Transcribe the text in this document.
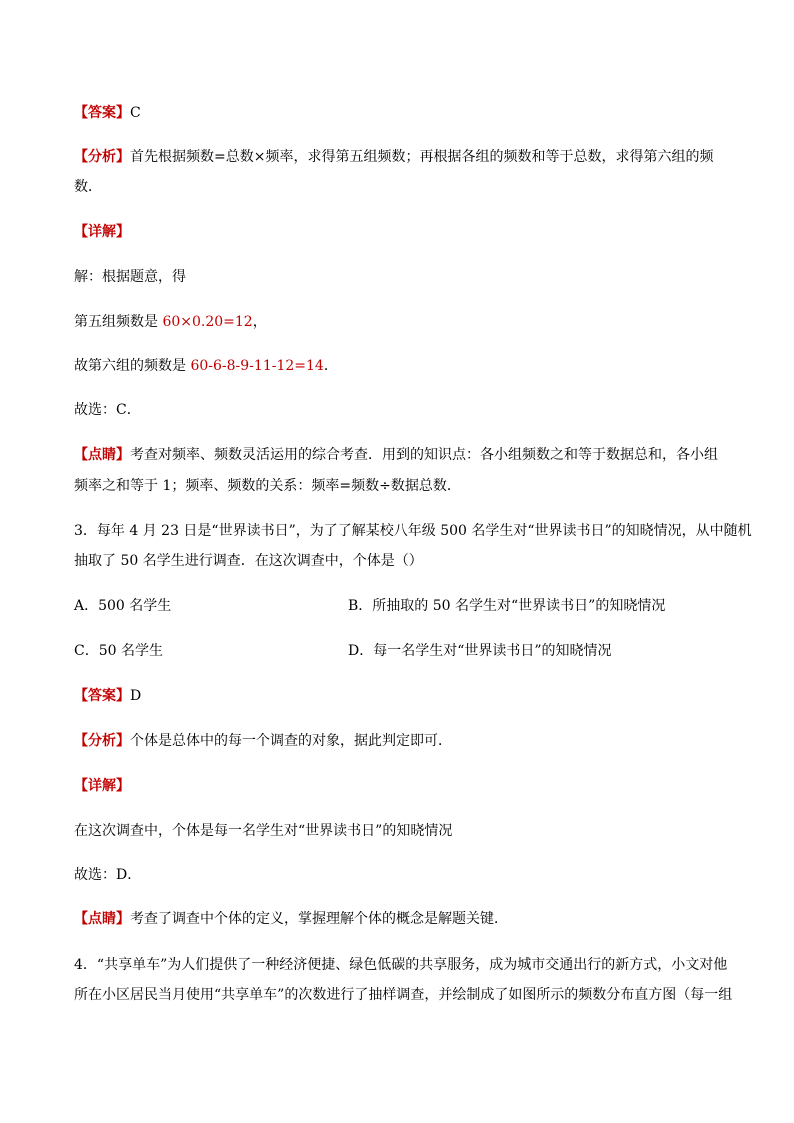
【答案】C
【分析】首先根据频数=总数×频率，求得第五组频数；再根据各组的频数和等于总数，求得第六组的频
数．
【详解】
解：根据题意，得
第五组频数是 60×0.20=12，
故第六组的频数是 60-6-8-9-11-12=14．
故选：C．
【点睛】考查对频率、频数灵活运用的综合考查．用到的知识点：各小组频数之和等于数据总和，各小组
频率之和等于 1；频率、频数的关系：频率=频数÷数据总数．
3．每年 4 月 23 日是“世界读书日”，为了了解某校八年级 500 名学生对“世界读书日”的知晓情况，从中随机
抽取了 50 名学生进行调查．在这次调查中，个体是（）
A．500 名学生	B．所抽取的 50 名学生对“世界读书日”的知晓情况
C．50 名学生	D．每一名学生对“世界读书日”的知晓情况
【答案】D
【分析】个体是总体中的每一个调查的对象，据此判定即可．
【详解】
在这次调查中，个体是每一名学生对“世界读书日”的知晓情况
故选：D．
【点睛】考查了调查中个体的定义，掌握理解个体的概念是解题关键．
4．“共享单车”为人们提供了一种经济便捷、绿色低碳的共享服务，成为城市交通出行的新方式，小文对他
所在小区居民当月使用“共享单车”的次数进行了抽样调查，并绘制成了如图所示的频数分布直方图（每一组
